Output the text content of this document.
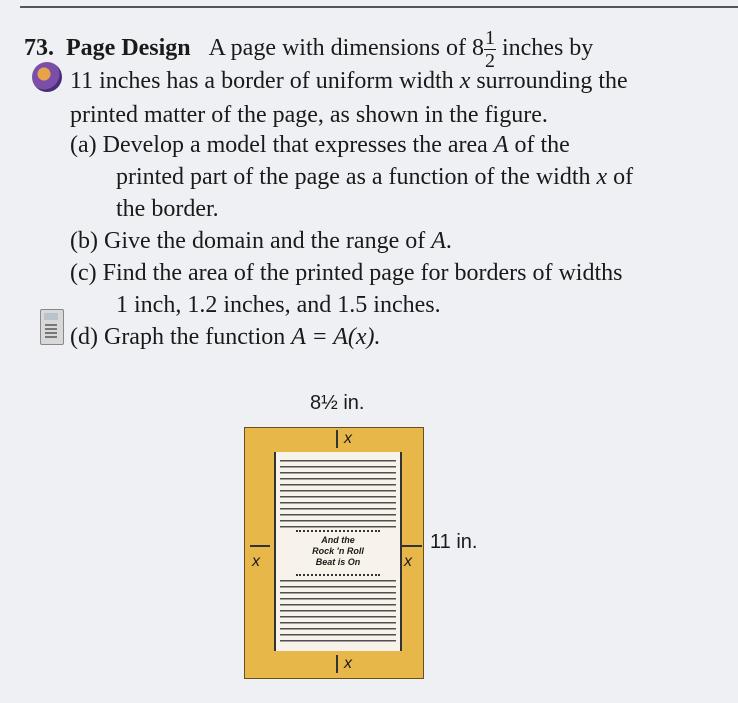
73. Page Design A page with dimensions of $8 \frac{1}{2}$ inches by
11 inches has a border of uniform width x surrounding the
printed matter of the page, as shown in the figure.
(a) Develop a model that expresses the area A of the
printed part of the page as a function of the width x of
the border.
(b) Give the domain and the range of A.
(c) Find the area of the printed page for borders of widths
1 inch, 1.2 inches, and 1.5 inches.
(d) Graph the function A = A(x).
8½ in.
And the
Rock 'n Roll
Beat is On
x
x
x	x
11 in.
